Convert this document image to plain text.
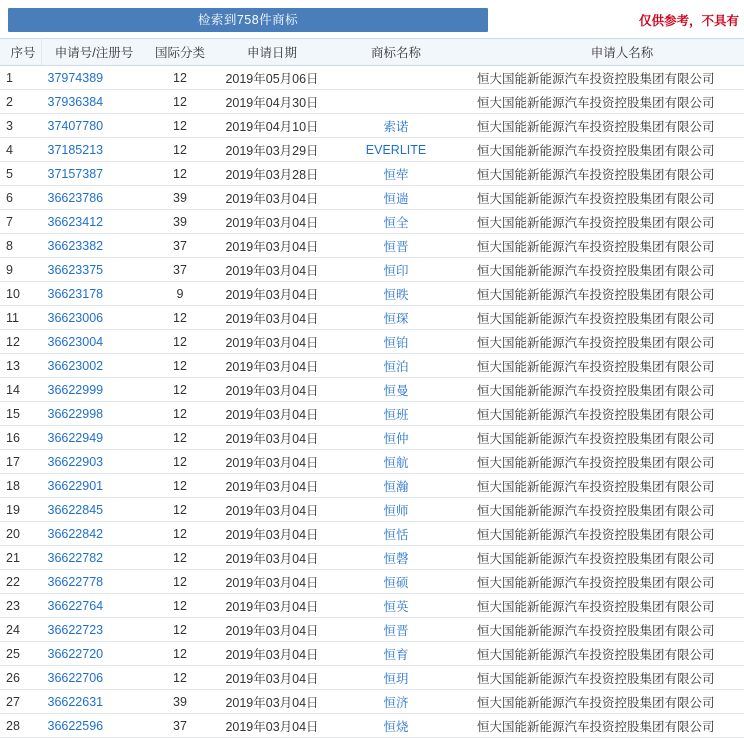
检索到758件商标	仅供参考，不具有
序号	申请号/注册号	国际分类	申请日期	商标名称	申请人名称
1	37974389	12	2019年05月06日		恒大国能新能源汽车投资控股集团有限公司
2	37936384	12	2019年04月30日		恒大国能新能源汽车投资控股集团有限公司
3	37407780	12	2019年04月10日	索诺	恒大国能新能源汽车投资控股集团有限公司
4	37185213	12	2019年03月29日	EVERLITE	恒大国能新能源汽车投资控股集团有限公司
5	37157387	12	2019年03月28日	恒荦	恒大国能新能源汽车投资控股集团有限公司
6	36623786	39	2019年03月04日	恒遄	恒大国能新能源汽车投资控股集团有限公司
7	36623412	39	2019年03月04日	恒全	恒大国能新能源汽车投资控股集团有限公司
8	36623382	37	2019年03月04日	恒晋	恒大国能新能源汽车投资控股集团有限公司
9	36623375	37	2019年03月04日	恒印	恒大国能新能源汽车投资控股集团有限公司
10	36623178	9	2019年03月04日	恒昳	恒大国能新能源汽车投资控股集团有限公司
11	36623006	12	2019年03月04日	恒琛	恒大国能新能源汽车投资控股集团有限公司
12	36623004	12	2019年03月04日	恒铂	恒大国能新能源汽车投资控股集团有限公司
13	36623002	12	2019年03月04日	恒泊	恒大国能新能源汽车投资控股集团有限公司
14	36622999	12	2019年03月04日	恒曼	恒大国能新能源汽车投资控股集团有限公司
15	36622998	12	2019年03月04日	恒班	恒大国能新能源汽车投资控股集团有限公司
16	36622949	12	2019年03月04日	恒仲	恒大国能新能源汽车投资控股集团有限公司
17	36622903	12	2019年03月04日	恒航	恒大国能新能源汽车投资控股集团有限公司
18	36622901	12	2019年03月04日	恒瀚	恒大国能新能源汽车投资控股集团有限公司
19	36622845	12	2019年03月04日	恒师	恒大国能新能源汽车投资控股集团有限公司
20	36622842	12	2019年03月04日	恒恬	恒大国能新能源汽车投资控股集团有限公司
21	36622782	12	2019年03月04日	恒磬	恒大国能新能源汽车投资控股集团有限公司
22	36622778	12	2019年03月04日	恒硕	恒大国能新能源汽车投资控股集团有限公司
23	36622764	12	2019年03月04日	恒英	恒大国能新能源汽车投资控股集团有限公司
24	36622723	12	2019年03月04日	恒晋	恒大国能新能源汽车投资控股集团有限公司
25	36622720	12	2019年03月04日	恒育	恒大国能新能源汽车投资控股集团有限公司
26	36622706	12	2019年03月04日	恒玥	恒大国能新能源汽车投资控股集团有限公司
27	36622631	39	2019年03月04日	恒济	恒大国能新能源汽车投资控股集团有限公司
28	36622596	37	2019年03月04日	恒烧	恒大国能新能源汽车投资控股集团有限公司
